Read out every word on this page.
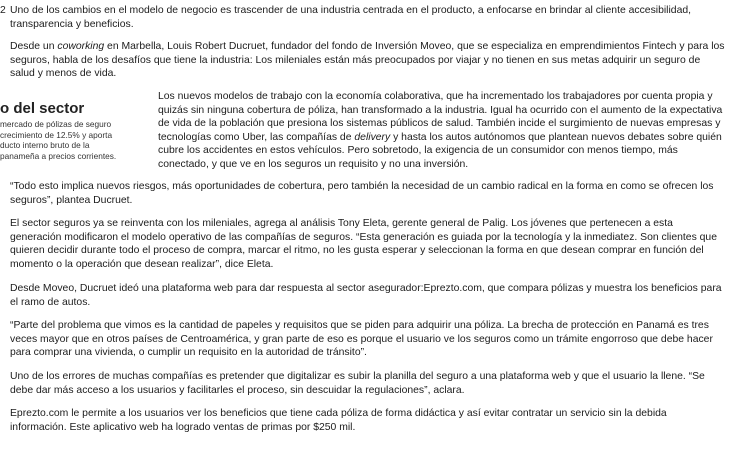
2 Uno de los cambios en el modelo de negocio es trascender de una industria centrada en el producto, a enfocarse en brindar al cliente accesibilidad,
transparencia y beneficios.

Desde un coworking en Marbella, Louis Robert Ducruet, fundador del fondo de Inversión Moveo, que se especializa en emprendimientos Fintech y para los
seguros, habla de los desafíos que tiene la industria: Los mileniales están más preocupados por viajar y no tienen en sus metas adquirir un seguro de
salud y menos de vida.

o del sector
mercado de pólizas de seguro
crecimiento de 12.5% y aporta
ducto interno bruto de la
panameña a precios corrientes.

Los nuevos modelos de trabajo con la economía colaborativa, que ha incrementado los trabajadores por cuenta propia y
quizás sin ninguna cobertura de póliza, han transformado a la industria. Igual ha ocurrido con el aumento de la expectativa
de vida de la población que presiona los sistemas públicos de salud. También incide el surgimiento de nuevas empresas y
tecnologías como Uber, las compañías de delivery y hasta los autos autónomos que plantean nuevos debates sobre quién
cubre los accidentes en estos vehículos. Pero sobretodo, la exigencia de un consumidor con menos tiempo, más
conectado, y que ve en los seguros un requisito y no una inversión.

“Todo esto implica nuevos riesgos, más oportunidades de cobertura, pero también la necesidad de un cambio radical en la forma en como se ofrecen los
seguros”, plantea Ducruet.

El sector seguros ya se reinventa con los mileniales, agrega al análisis Tony Eleta, gerente general de Palig. Los jóvenes que pertenecen a esta
generación modificaron el modelo operativo de las compañías de seguros. “Esta generación es guiada por la tecnología y la inmediatez. Son clientes que
quieren decidir durante todo el proceso de compra, marcar el ritmo, no les gusta esperar y seleccionan la forma en que desean comprar en función del
momento o la operación que desean realizar”, dice Eleta.

Desde Moveo, Ducruet ideó una plataforma web para dar respuesta al sector asegurador:Eprezto.com, que compara pólizas y muestra los beneficios para
el ramo de autos.

“Parte del problema que vimos es la cantidad de papeles y requisitos que se piden para adquirir una póliza. La brecha de protección en Panamá es tres
veces mayor que en otros países de Centroamérica, y gran parte de eso es porque el usuario ve los seguros como un trámite engorroso que debe hacer
para comprar una vivienda, o cumplir un requisito en la autoridad de tránsito”.

Uno de los errores de muchas compañías es pretender que digitalizar es subir la planilla del seguro a una plataforma web y que el usuario la llene. “Se
debe dar más acceso a los usuarios y facilitarles el proceso, sin descuidar la regulaciones”, aclara.

Eprezto.com le permite a los usuarios ver los beneficios que tiene cada póliza de forma didáctica y así evitar contratar un servicio sin la debida
información. Este aplicativo web ha logrado ventas de primas por $250 mil.
